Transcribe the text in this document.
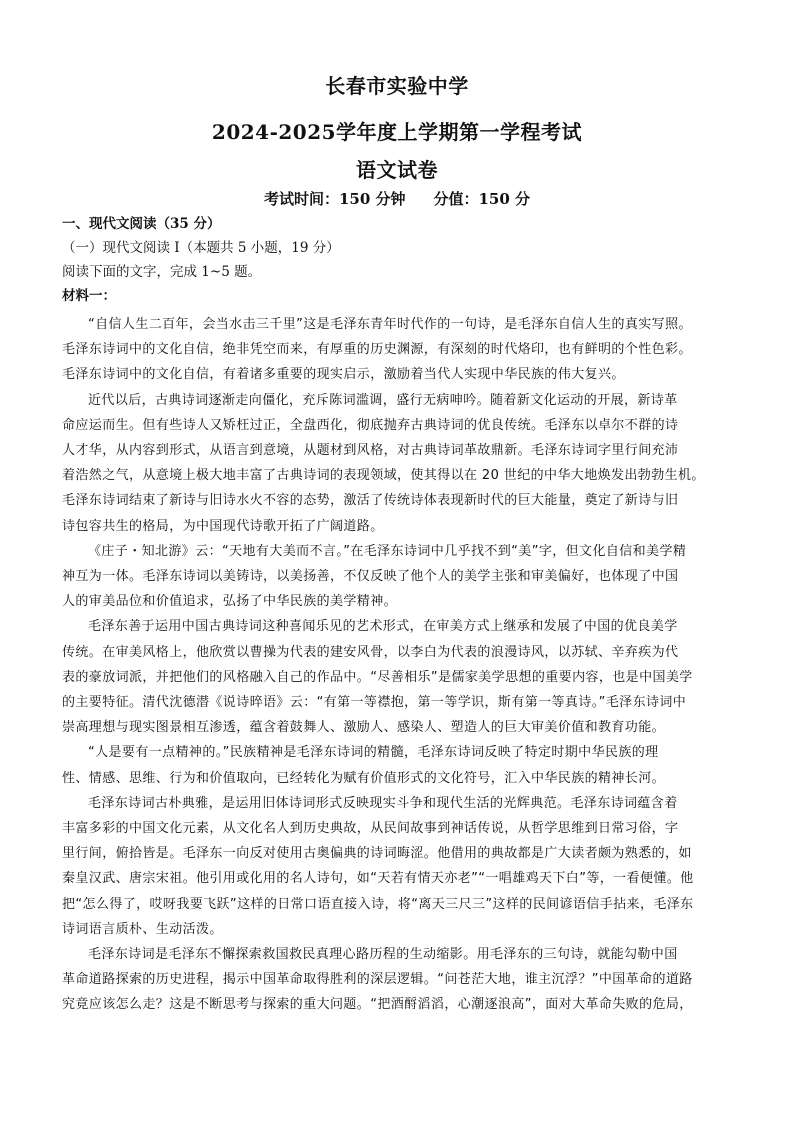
长春市实验中学
2024-2025学年度上学期第一学程考试
语文试卷
考试时间：150 分钟 分值：150 分
一、现代文阅读（35 分）
（一）现代文阅读 I（本题共 5 小题，19 分）
阅读下面的文字，完成 1~5 题。
材料一：

“自信人生二百年，会当水击三千里”这是毛泽东青年时代作的一句诗，是毛泽东自信人生的真实写照。

毛泽东诗词中的文化自信，绝非凭空而来，有厚重的历史渊源，有深刻的时代烙印，也有鲜明的个性色彩。

毛泽东诗词中的文化自信，有着诸多重要的现实启示，激励着当代人实现中华民族的伟大复兴。

近代以后，古典诗词逐渐走向僵化，充斥陈词滥调，盛行无病呻吟。随着新文化运动的开展，新诗革

命应运而生。但有些诗人又矫枉过正，全盘西化，彻底抛弃古典诗词的优良传统。毛泽东以卓尔不群的诗

人才华，从内容到形式，从语言到意境，从题材到风格，对古典诗词革故鼎新。毛泽东诗词字里行间充沛

着浩然之气，从意境上极大地丰富了古典诗词的表现领域，使其得以在 20 世纪的中华大地焕发出勃勃生机。

毛泽东诗词结束了新诗与旧诗水火不容的态势，激活了传统诗体表现新时代的巨大能量，奠定了新诗与旧

诗包容共生的格局，为中国现代诗歌开拓了广阔道路。

《庄子・知北游》云：“天地有大美而不言。”在毛泽东诗词中几乎找不到“美”字，但文化自信和美学精

神互为一体。毛泽东诗词以美铸诗，以美扬善，不仅反映了他个人的美学主张和审美偏好，也体现了中国

人的审美品位和价值追求，弘扬了中华民族的美学精神。

毛泽东善于运用中国古典诗词这种喜闻乐见的艺术形式，在审美方式上继承和发展了中国的优良美学

传统。在审美风格上，他欣赏以曹操为代表的建安风骨，以李白为代表的浪漫诗风，以苏轼、辛弃疾为代

表的豪放词派，并把他们的风格融入自己的作品中。“尽善相乐”是儒家美学思想的重要内容，也是中国美学

的主要特征。清代沈德潜《说诗晬语》云：“有第一等襟抱，第一等学识，斯有第一等真诗。”毛泽东诗词中

崇高理想与现实图景相互渗透，蕴含着鼓舞人、激励人、感染人、塑造人的巨大审美价值和教育功能。

“人是要有一点精神的。”民族精神是毛泽东诗词的精髓，毛泽东诗词反映了特定时期中华民族的理

性、情感、思维、行为和价值取向，已经转化为赋有价值形式的文化符号，汇入中华民族的精神长河。

毛泽东诗词古朴典雅，是运用旧体诗词形式反映现实斗争和现代生活的光辉典范。毛泽东诗词蕴含着

丰富多彩的中国文化元素，从文化名人到历史典故，从民间故事到神话传说，从哲学思维到日常习俗，字

里行间，俯拾皆是。毛泽东一向反对使用古奥偏典的诗词晦涩。他借用的典故都是广大读者颇为熟悉的，如

秦皇汉武、唐宗宋祖。他引用或化用的名人诗句，如“天若有情天亦老”“一唱雄鸡天下白”等，一看便懂。他

把“怎么得了，哎呀我要飞跃”这样的日常口语直接入诗，将“离天三尺三”这样的民间谚语信手拈来，毛泽东

诗词语言质朴、生动活泼。

毛泽东诗词是毛泽东不懈探索救国救民真理心路历程的生动缩影。用毛泽东的三句诗，就能勾勒中国

革命道路探索的历史进程，揭示中国革命取得胜利的深层逻辑。“问苍茫大地，谁主沉浮？”中国革命的道路

究竟应该怎么走？这是不断思考与探索的重大问题。“把酒酹滔滔，心潮逐浪高”，面对大革命失败的危局，
